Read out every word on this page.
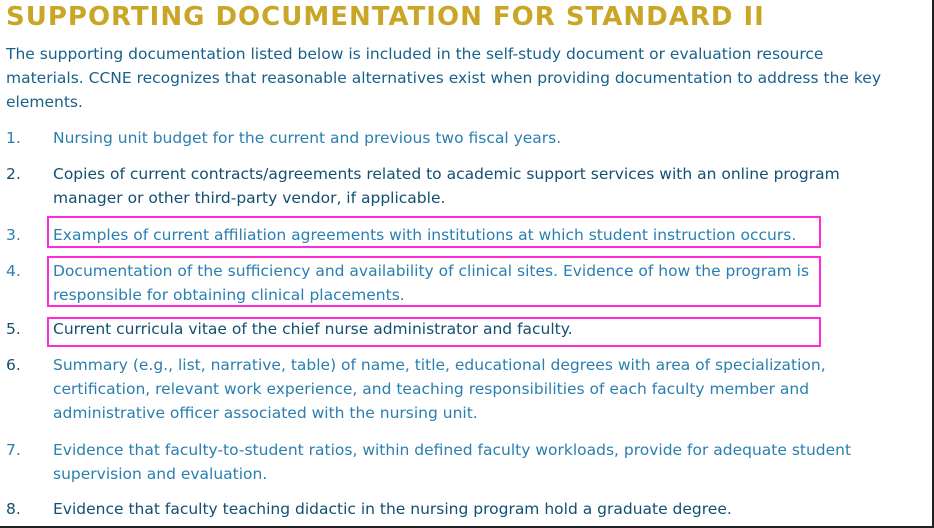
SUPPORTING DOCUMENTATION FOR STANDARD II
The supporting documentation listed below is included in the self-study document or evaluation resource materials. CCNE recognizes that reasonable alternatives exist when providing documentation to address the key elements.
1. Nursing unit budget for the current and previous two fiscal years.
2. Copies of current contracts/agreements related to academic support services with an online program manager or other third-party vendor, if applicable.
3. Examples of current affiliation agreements with institutions at which student instruction occurs.
4. Documentation of the sufficiency and availability of clinical sites. Evidence of how the program is responsible for obtaining clinical placements.
5. Current curricula vitae of the chief nurse administrator and faculty.
6. Summary (e.g., list, narrative, table) of name, title, educational degrees with area of specialization, certification, relevant work experience, and teaching responsibilities of each faculty member and administrative officer associated with the nursing unit.
7. Evidence that faculty-to-student ratios, within defined faculty workloads, provide for adequate student supervision and evaluation.
8. Evidence that faculty teaching didactic in the nursing program hold a graduate degree.
